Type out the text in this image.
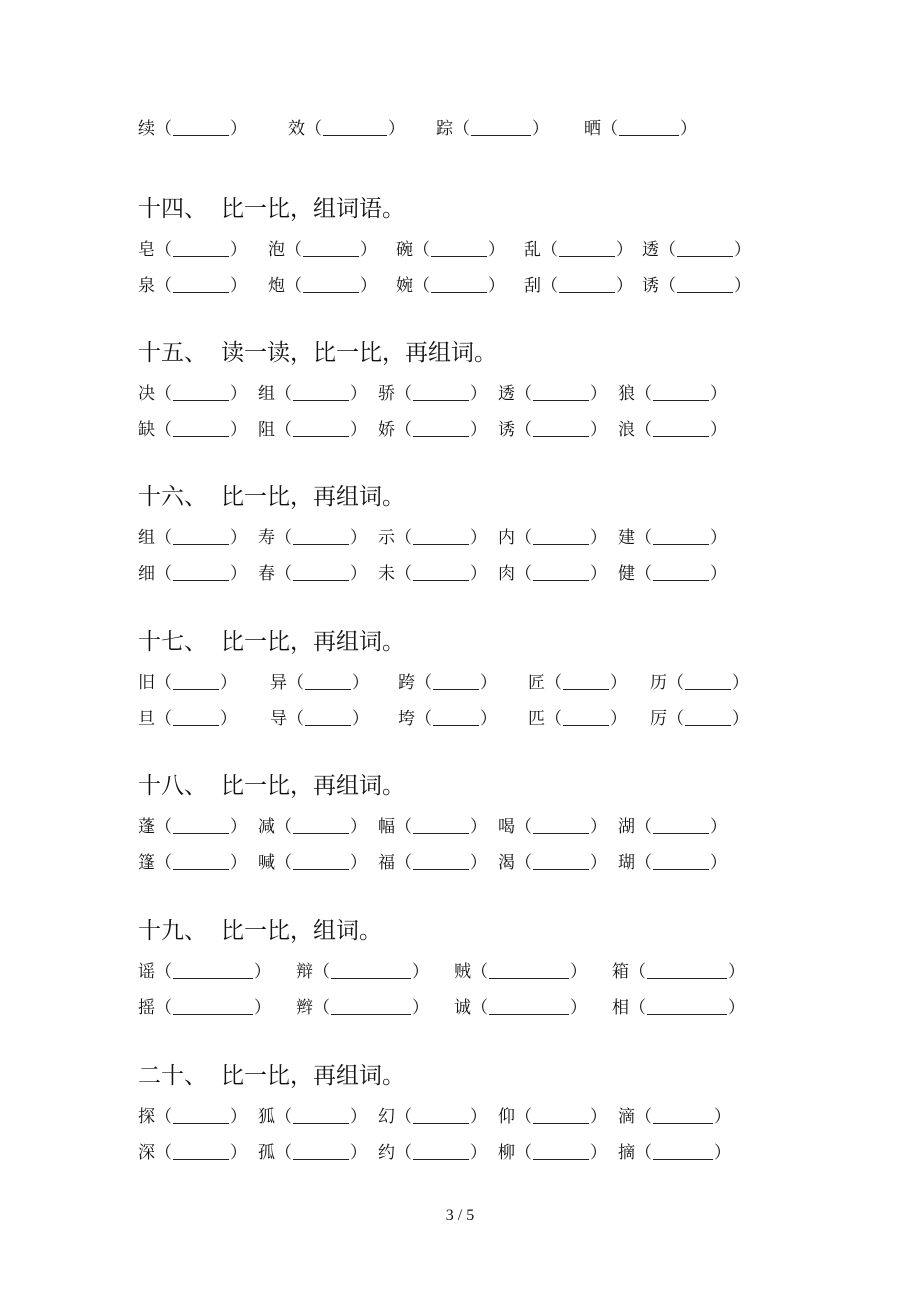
续（	） 效（	） 踪（	） 晒（	）
十四、 比一比，组词语。
皂（	） 泡（	） 碗（	） 乱（	） 透（	）
泉（	） 炮（	） 婉（	） 刮（	） 诱（	）
十五、 读一读，比一比，再组词。
决（	） 组（	） 骄（	） 透（	） 狼（	）
缺（	） 阻（	） 娇（	） 诱（	） 浪（	）
十六、 比一比，再组词。
组（	） 寿（	） 示（	） 内（	） 建（	）
细（	） 春（	） 未（	） 肉（	） 健（	）
十七、 比一比，再组词。
旧（	） 异（	） 跨（	） 匠（	） 历（	）
旦（	） 导（	） 垮（	） 匹（	） 厉（	）
十八、 比一比，再组词。
蓬（	） 减（	） 幅（	） 喝（	） 湖（	）
篷（	） 喊（	） 福（	） 渴（	） 瑚（	）
十九、 比一比，组词。
谣（	） 辩（	） 贼（	） 箱（	）
摇（	） 辫（	） 诚（	） 相（	）
二十、 比一比，再组词。
探（	） 狐（	） 幻（	） 仰（	） 滴（	）
深（	） 孤（	） 约（	） 柳（	） 摘（	）
3 / 5
